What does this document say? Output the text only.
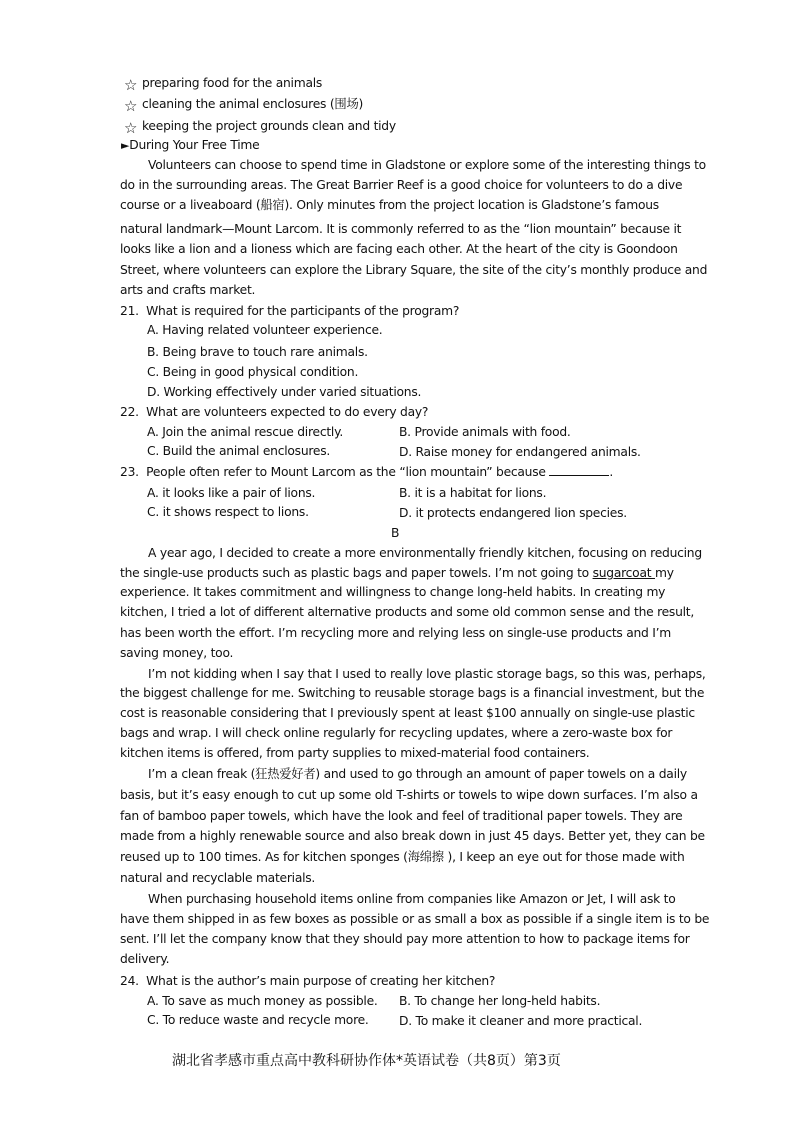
☆ preparing food for the animals
☆ cleaning the animal enclosures (围场)
☆ keeping the project grounds clean and tidy
►During Your Free Time
Volunteers can choose to spend time in Gladstone or explore some of the interesting things to
do in the surrounding areas. The Great Barrier Reef is a good choice for volunteers to do a dive
course or a liveaboard (船宿). Only minutes from the project location is Gladstone’s famous
natural landmark—Mount Larcom. It is commonly referred to as the “lion mountain” because it
looks like a lion and a lioness which are facing each other. At the heart of the city is Goondoon
Street, where volunteers can explore the Library Square, the site of the city’s monthly produce and
arts and crafts market.
21. What is required for the participants of the program?
A. Having related volunteer experience.
B. Being brave to touch rare animals.
C. Being in good physical condition.
D. Working effectively under varied situations.
22. What are volunteers expected to do every day?
A. Join the animal rescue directly.	B. Provide animals with food.
C. Build the animal enclosures.	D. Raise money for endangered animals.
23. People often refer to Mount Larcom as the “lion mountain” because	.
A. it looks like a pair of lions.	B. it is a habitat for lions.
C. it shows respect to lions.	D. it protects endangered lion species.
B
A year ago, I decided to create a more environmentally friendly kitchen, focusing on reducing
the single-use products such as plastic bags and paper towels. I’m not going to sugarcoat my
experience. It takes commitment and willingness to change long-held habits. In creating my
kitchen, I tried a lot of different alternative products and some old common sense and the result,
has been worth the effort. I’m recycling more and relying less on single-use products and I’m
saving money, too.
I’m not kidding when I say that I used to really love plastic storage bags, so this was, perhaps,
the biggest challenge for me. Switching to reusable storage bags is a financial investment, but the
cost is reasonable considering that I previously spent at least $100 annually on single-use plastic
bags and wrap. I will check online regularly for recycling updates, where a zero-waste box for
kitchen items is offered, from party supplies to mixed-material food containers.
I’m a clean freak (狂热爱好者) and used to go through an amount of paper towels on a daily
basis, but it’s easy enough to cut up some old T-shirts or towels to wipe down surfaces. I’m also a
fan of bamboo paper towels, which have the look and feel of traditional paper towels. They are
made from a highly renewable source and also break down in just 45 days. Better yet, they can be
reused up to 100 times. As for kitchen sponges (海绵擦 ), I keep an eye out for those made with
natural and recyclable materials.
When purchasing household items online from companies like Amazon or Jet, I will ask to
have them shipped in as few boxes as possible or as small a box as possible if a single item is to be
sent. I’ll let the company know that they should pay more attention to how to package items for
delivery.
24. What is the author’s main purpose of creating her kitchen?
A. To save as much money as possible. B. To change her long-held habits.
C. To reduce waste and recycle more. D. To make it cleaner and more practical.
湖北省孝感市重点高中教科研协作体*英语试卷（共8页）第3页
